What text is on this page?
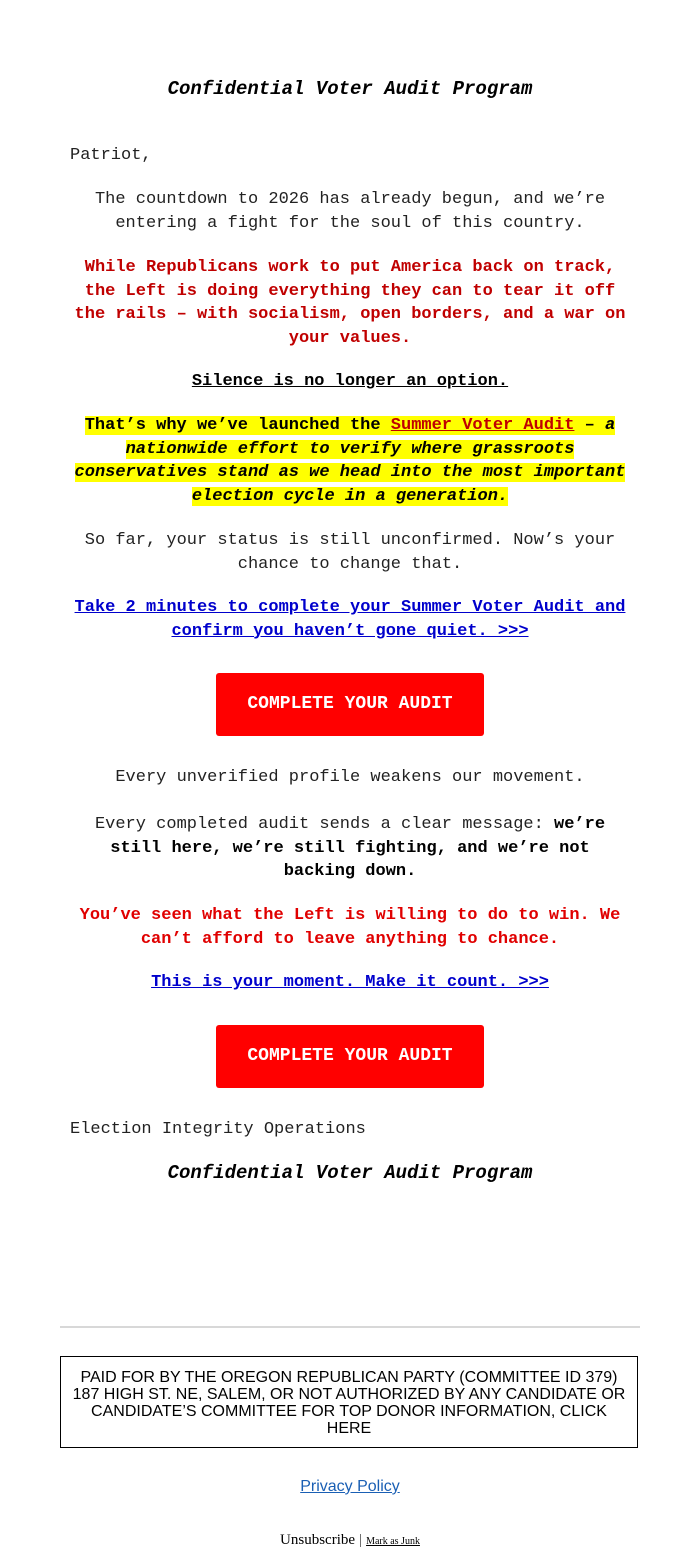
Confidential Voter Audit Program
Patriot,
The countdown to 2026 has already begun, and we’re entering a fight for the soul of this country.
While Republicans work to put America back on track, the Left is doing everything they can to tear it off the rails – with socialism, open borders, and a war on your values.
Silence is no longer an option.
That’s why we’ve launched the Summer Voter Audit – a nationwide effort to verify where grassroots conservatives stand as we head into the most important election cycle in a generation.
So far, your status is still unconfirmed. Now’s your chance to change that.
Take 2 minutes to complete your Summer Voter Audit and confirm you haven’t gone quiet. >>>
COMPLETE YOUR AUDIT
Every unverified profile weakens our movement.
Every completed audit sends a clear message: we’re still here, we’re still fighting, and we’re not backing down.
You’ve seen what the Left is willing to do to win. We can’t afford to leave anything to chance.
This is your moment. Make it count. >>>
COMPLETE YOUR AUDIT
Election Integrity Operations
Confidential Voter Audit Program
PAID FOR BY THE OREGON REPUBLICAN PARTY (COMMITTEE ID 379) 187 HIGH ST. NE, SALEM, OR NOT AUTHORIZED BY ANY CANDIDATE OR CANDIDATE’S COMMITTEE FOR TOP DONOR INFORMATION, CLICK HERE
Privacy Policy
Unsubscribe | Mark as Junk
